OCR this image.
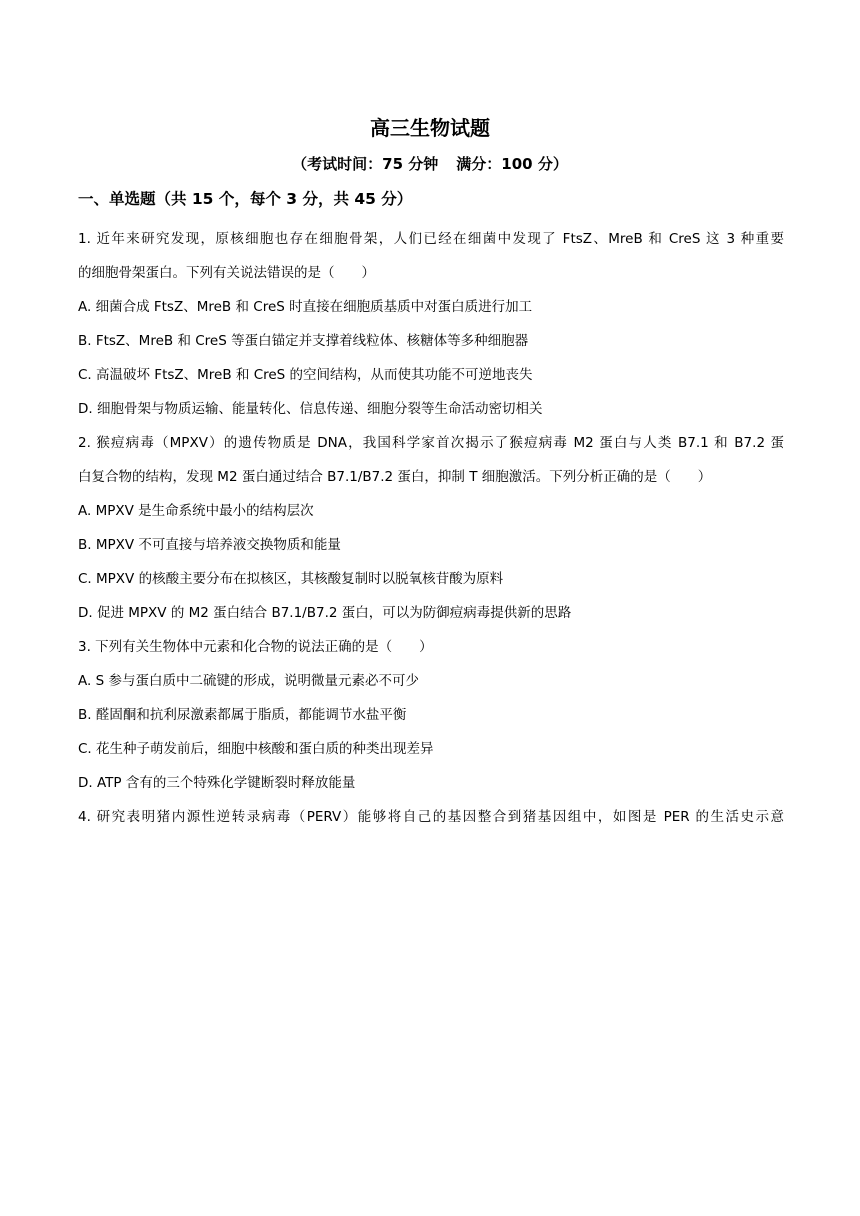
高三生物试题
（考试时间：75 分钟 满分：100 分）
一、单选题（共 15 个，每个 3 分，共 45 分）
1. 近年来研究发现，原核细胞也存在细胞骨架，人们已经在细菌中发现了 FtsZ、MreB 和 CreS 这 3 种重要
的细胞骨架蛋白。下列有关说法错误的是（　　）
A. 细菌合成 FtsZ、MreB 和 CreS 时直接在细胞质基质中对蛋白质进行加工
B. FtsZ、MreB 和 CreS 等蛋白锚定并支撑着线粒体、核糖体等多种细胞器
C. 高温破坏 FtsZ、MreB 和 CreS 的空间结构，从而使其功能不可逆地丧失
D. 细胞骨架与物质运输、能量转化、信息传递、细胞分裂等生命活动密切相关
2. 猴痘病毒（MPXV）的遗传物质是 DNA，我国科学家首次揭示了猴痘病毒 M2 蛋白与人类 B7.1 和 B7.2 蛋
白复合物的结构，发现 M2 蛋白通过结合 B7.1/B7.2 蛋白，抑制 T 细胞激活。下列分析正确的是（　　）
A. MPXV 是生命系统中最小的结构层次
B. MPXV 不可直接与培养液交换物质和能量
C. MPXV 的核酸主要分布在拟核区，其核酸复制时以脱氧核苷酸为原料
D. 促进 MPXV 的 M2 蛋白结合 B7.1/B7.2 蛋白，可以为防御痘病毒提供新的思路
3. 下列有关生物体中元素和化合物的说法正确的是（　　）
A. S 参与蛋白质中二硫键的形成，说明微量元素必不可少
B. 醛固酮和抗利尿激素都属于脂质，都能调节水盐平衡
C. 花生种子萌发前后，细胞中核酸和蛋白质的种类出现差异
D. ATP 含有的三个特殊化学键断裂时释放能量
4. 研究表明猪内源性逆转录病毒（PERV）能够将自己的基因整合到猪基因组中，如图是 PER 的生活史示意
